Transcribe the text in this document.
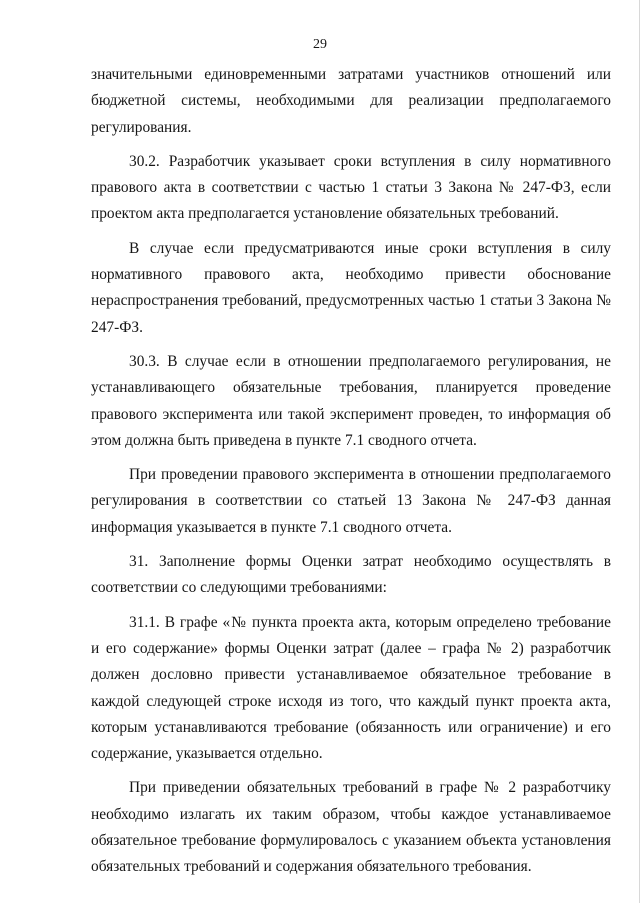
29

значительными единовременными затратами участников отношений или бюджетной системы, необходимыми для реализации предполагаемого регулирования.

30.2. Разработчик указывает сроки вступления в силу нормативного правового акта в соответствии с частью 1 статьи 3 Закона № 247-ФЗ, если проектом акта предполагается установление обязательных требований.

В случае если предусматриваются иные сроки вступления в силу нормативного правового акта, необходимо привести обоснование нераспространения требований, предусмотренных частью 1 статьи 3 Закона № 247-ФЗ.

30.3. В случае если в отношении предполагаемого регулирования, не устанавливающего обязательные требования, планируется проведение правового эксперимента или такой эксперимент проведен, то информация об этом должна быть приведена в пункте 7.1 сводного отчета.

При проведении правового эксперимента в отношении предполагаемого регулирования в соответствии со статьей 13 Закона № 247-ФЗ данная информация указывается в пункте 7.1 сводного отчета.

31. Заполнение формы Оценки затрат необходимо осуществлять в соответствии со следующими требованиями:

31.1. В графе «№ пункта проекта акта, которым определено требование и его содержание» формы Оценки затрат (далее – графа № 2) разработчик должен дословно привести устанавливаемое обязательное требование в каждой следующей строке исходя из того, что каждый пункт проекта акта, которым устанавливаются требование (обязанность или ограничение) и его содержание, указывается отдельно.

При приведении обязательных требований в графе № 2 разработчику необходимо излагать их таким образом, чтобы каждое устанавливаемое обязательное требование формулировалось с указанием объекта установления обязательных требований и содержания обязательного требования.
